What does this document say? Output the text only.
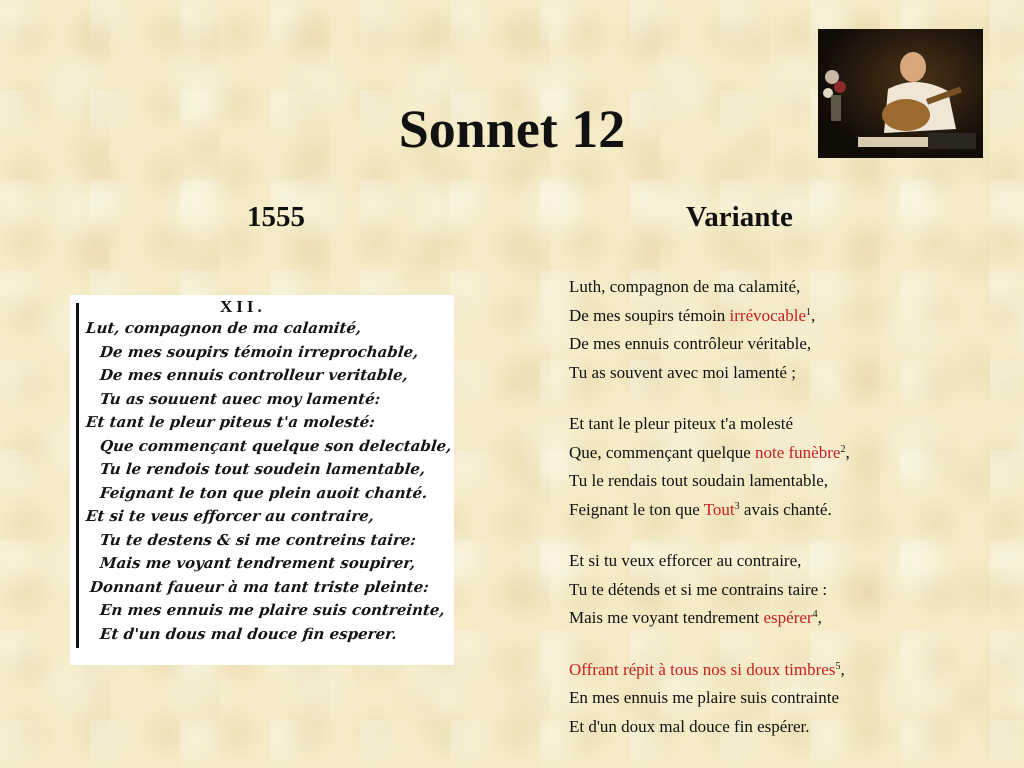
Sonnet 12
1555	Variante
XII.
Lut, compagnon de ma calamité,
De mes soupirs témoin irreprochable,
De mes ennuis controlleur veritable,
Tu as souuent auec moy lamenté:
Et tant le pleur piteus t'a molesté:
Que commençant quelque son delectable,
Tu le rendois tout soudein lamentable,
Feignant le ton que plein auoit chanté.
Et si te veus efforcer au contraire,
Tu te destens & si me contreins taire:
Mais me voyant tendrement soupirer,
Donnant faueur à ma tant triste pleinte:
En mes ennuis me plaire suis contreinte,
Et d'un dous mal douce fin esperer.
Luth, compagnon de ma calamité,
De mes soupirs témoin irrévocable$^1$,
De mes ennuis contrôleur véritable,
Tu as souvent avec moi lamenté ;
Et tant le pleur piteux t'a molesté
Que, commençant quelque note funèbre$^2$,
Tu le rendais tout soudain lamentable,
Feignant le ton que Tout$^3$ avais chanté.
Et si tu veux efforcer au contraire,
Tu te détends et si me contrains taire :
Mais me voyant tendrement espérer$^4$,
Offrant répit à tous nos si doux timbres$^5$,
En mes ennuis me plaire suis contrainte
Et d'un doux mal douce fin espérer.
